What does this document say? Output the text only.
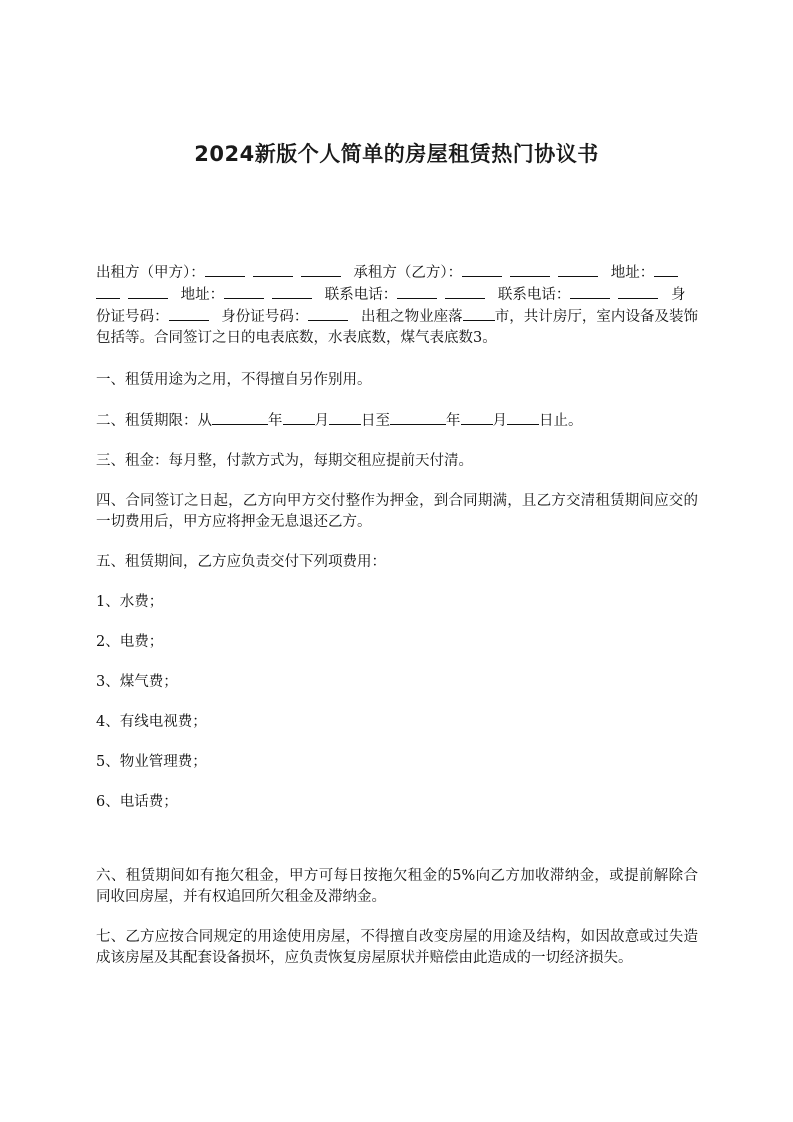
2024新版个人简单的房屋租赁热门协议书

出租方（甲方）：	承租方（乙方）：	地址：
地址：	联系电话：	联系电话：	身
份证号码：	身份证号码：	出租之物业座落 市，共计房厅，室内设备及装饰包括等。合同签订之日的电表底数，水表底数，煤气表底数3。

一、租赁用途为之用，不得擅自另作别用。

二、租赁期限：从	年 月 日至	年 月 日止。

三、租金：每月整，付款方式为，每期交租应提前天付清。

四、合同签订之日起，乙方向甲方交付整作为押金，到合同期满，且乙方交清租赁期间应交的一切费用后，甲方应将押金无息退还乙方。

五、租赁期间，乙方应负责交付下列项费用：

1、水费；

2、电费；

3、煤气费；

4、有线电视费；

5、物业管理费；

6、电话费；

六、租赁期间如有拖欠租金，甲方可每日按拖欠租金的5%向乙方加收滞纳金，或提前解除合同收回房屋，并有权追回所欠租金及滞纳金。

七、乙方应按合同规定的用途使用房屋，不得擅自改变房屋的用途及结构，如因故意或过失造成该房屋及其配套设备损坏，应负责恢复房屋原状并赔偿由此造成的一切经济损失。
